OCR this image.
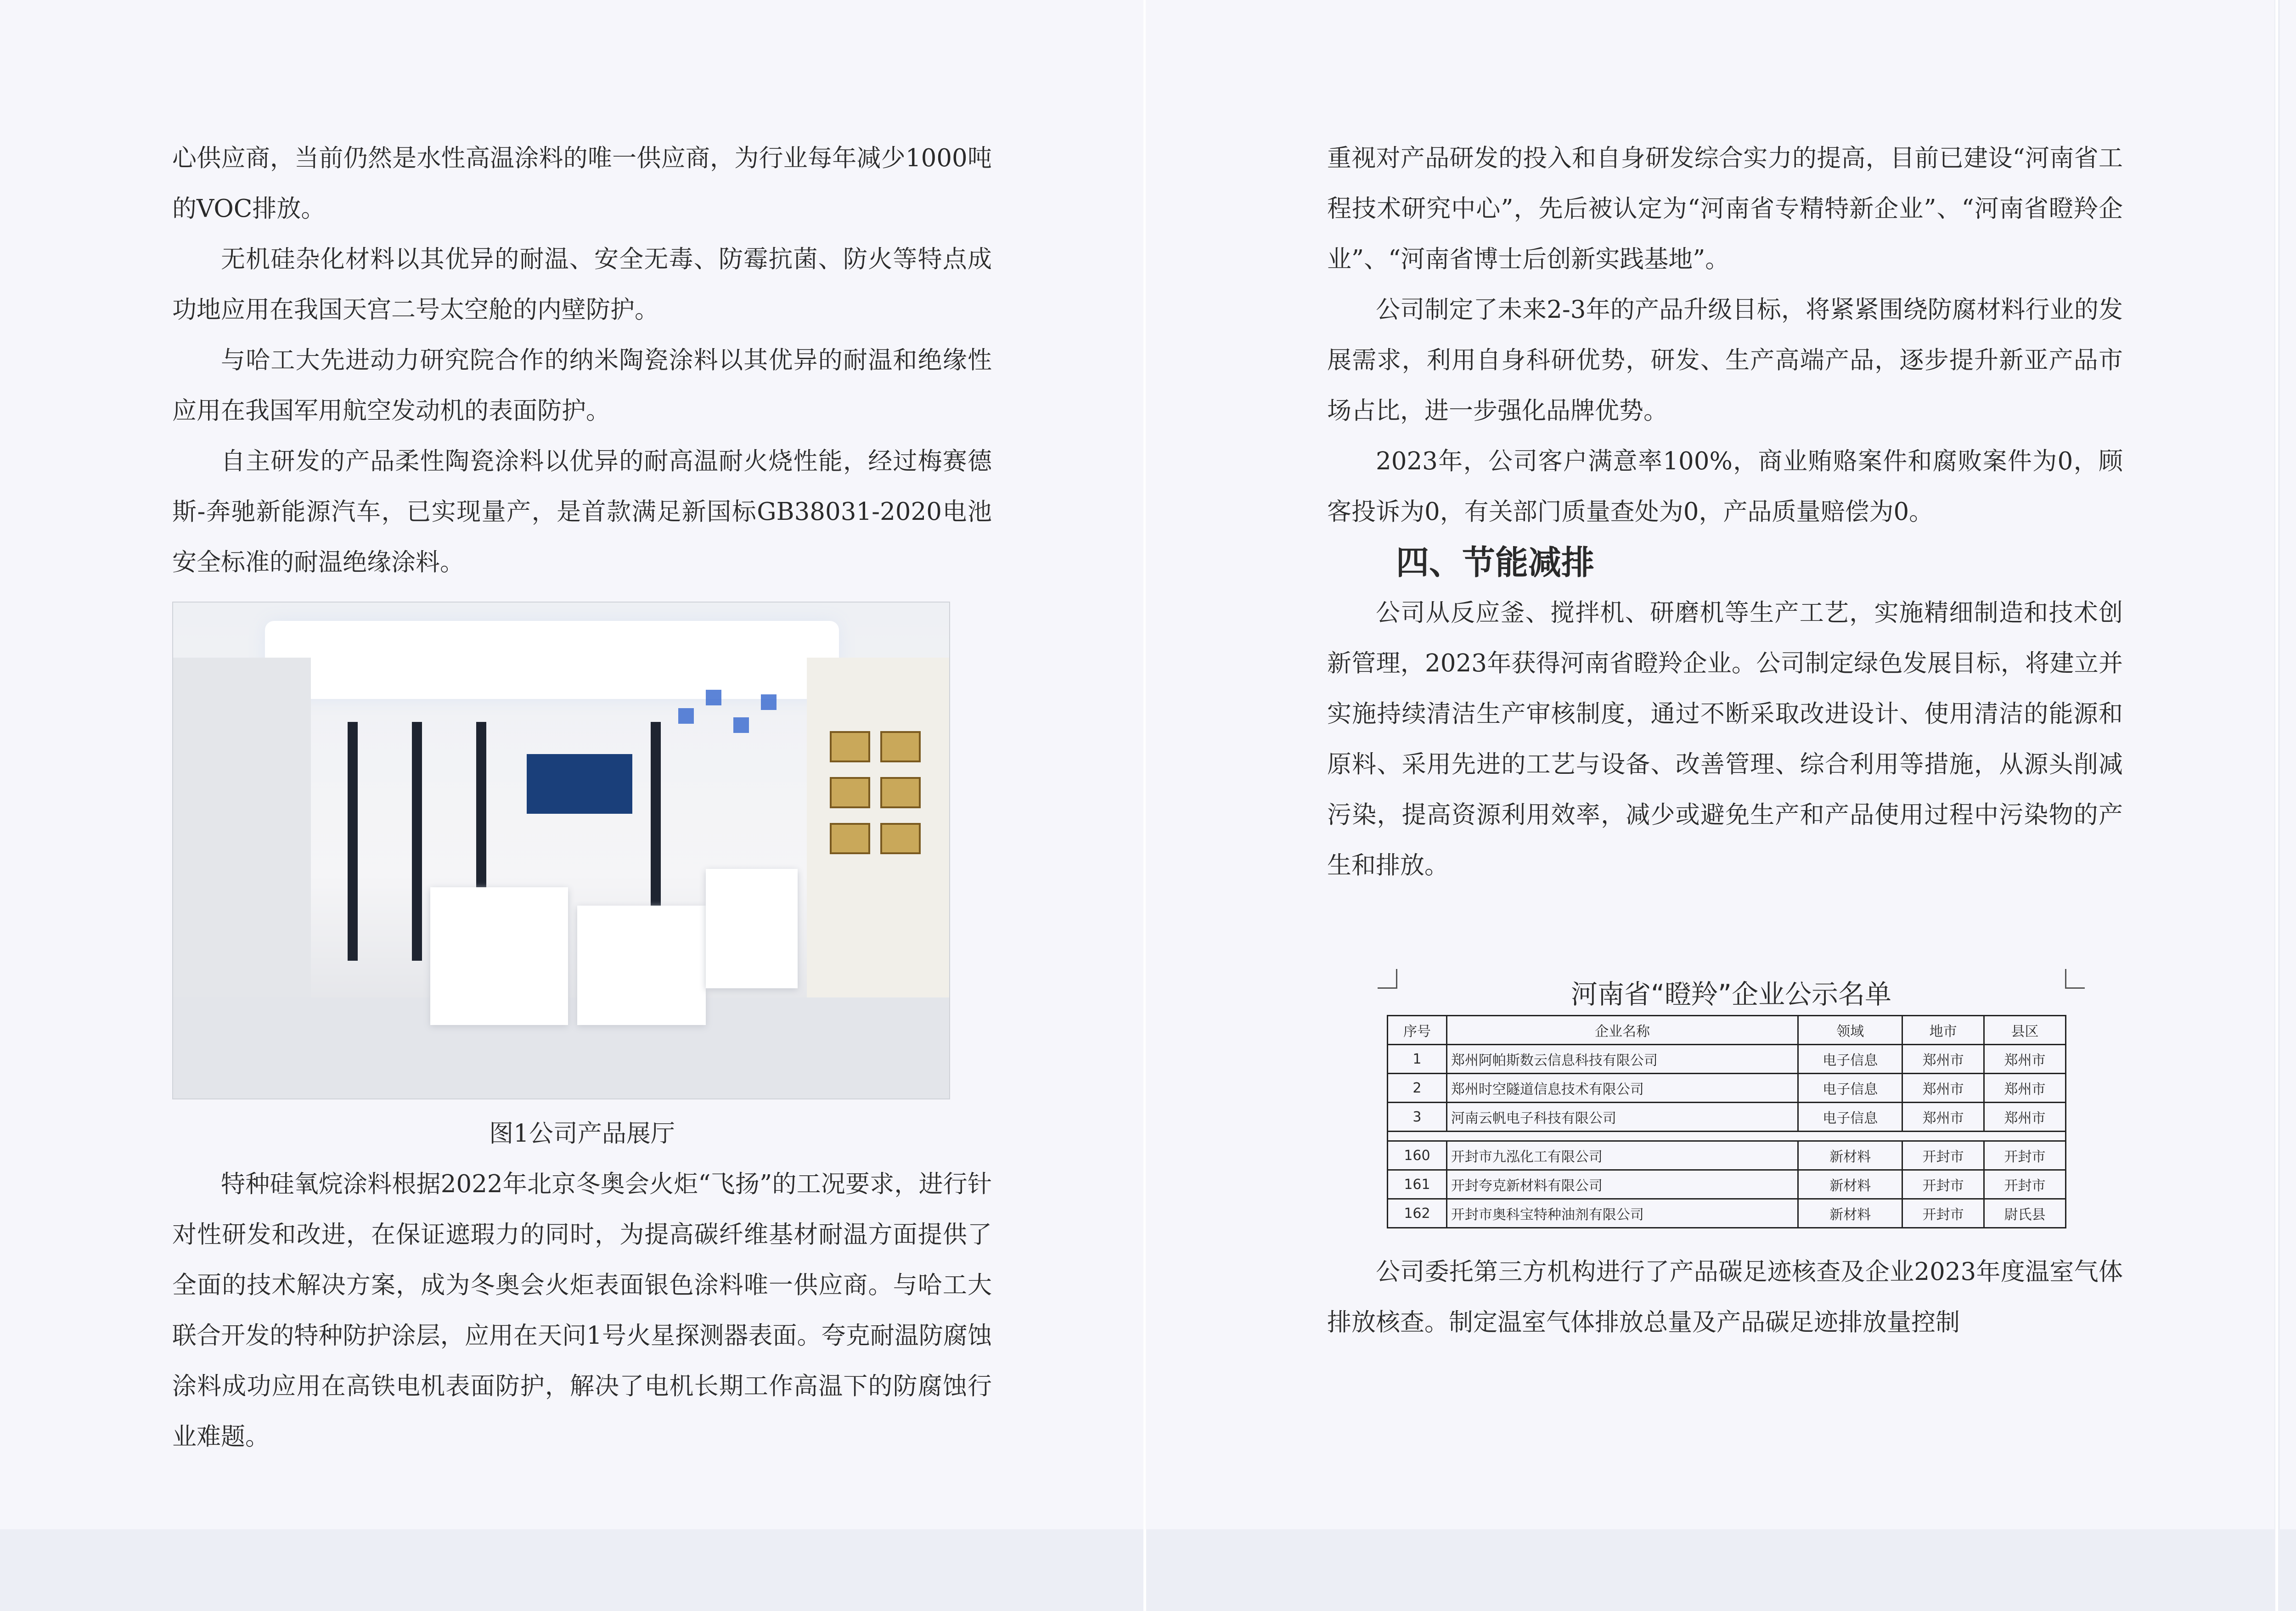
心供应商，当前仍然是水性高温涂料的唯一供应商，为行业每年减少1000吨的VOC排放。

无机硅杂化材料以其优异的耐温、安全无毒、防霉抗菌、防火等特点成功地应用在我国天宫二号太空舱的内壁防护。

与哈工大先进动力研究院合作的纳米陶瓷涂料以其优异的耐温和绝缘性应用在我国军用航空发动机的表面防护。

自主研发的产品柔性陶瓷涂料以优异的耐高温耐火烧性能，经过梅赛德斯-奔驰新能源汽车，已实现量产，是首款满足新国标GB38031-2020电池安全标准的耐温绝缘涂料。

图1公司产品展厅

特种硅氧烷涂料根据2022年北京冬奥会火炬“飞扬”的工况要求，进行针对性研发和改进，在保证遮瑕力的同时，为提高碳纤维基材耐温方面提供了全面的技术解决方案，成为冬奥会火炬表面银色涂料唯一供应商。与哈工大联合开发的特种防护涂层，应用在天问1号火星探测器表面。夸克耐温防腐蚀涂料成功应用在高铁电机表面防护，解决了电机长期工作高温下的防腐蚀行业难题。

重视对产品研发的投入和自身研发综合实力的提高，目前已建设“河南省工程技术研究中心”，先后被认定为“河南省专精特新企业”、“河南省瞪羚企业”、“河南省博士后创新实践基地”。

公司制定了未来2-3年的产品升级目标，将紧紧围绕防腐材料行业的发展需求，利用自身科研优势，研发、生产高端产品，逐步提升新亚产品市场占比，进一步强化品牌优势。

2023年，公司客户满意率100%，商业贿赂案件和腐败案件为0，顾客投诉为0，有关部门质量查处为0，产品质量赔偿为0。

四、节能减排

公司从反应釜、搅拌机、研磨机等生产工艺，实施精细制造和技术创新管理，2023年获得河南省瞪羚企业。公司制定绿色发展目标，将建立并实施持续清洁生产审核制度，通过不断采取改进设计、使用清洁的能源和原料、采用先进的工艺与设备、改善管理、综合利用等措施，从源头削减污染，提高资源利用效率，减少或避免生产和产品使用过程中污染物的产生和排放。

河南省“瞪羚”企业公示名单
序号	企业名称	领域	地市	县区
1	郑州阿帕斯数云信息科技有限公司	电子信息	郑州市	郑州市
2	郑州时空隧道信息技术有限公司	电子信息	郑州市	郑州市
3	河南云帆电子科技有限公司	电子信息	郑州市	郑州市

160	开封市九泓化工有限公司	新材料	开封市	开封市
161	开封夸克新材料有限公司	新材料	开封市	开封市
162	开封市奥科宝特种油剂有限公司	新材料	开封市	尉氏县

公司委托第三方机构进行了产品碳足迹核查及企业2023年度温室气体排放核查。制定温室气体排放总量及产品碳足迹排放量控制
